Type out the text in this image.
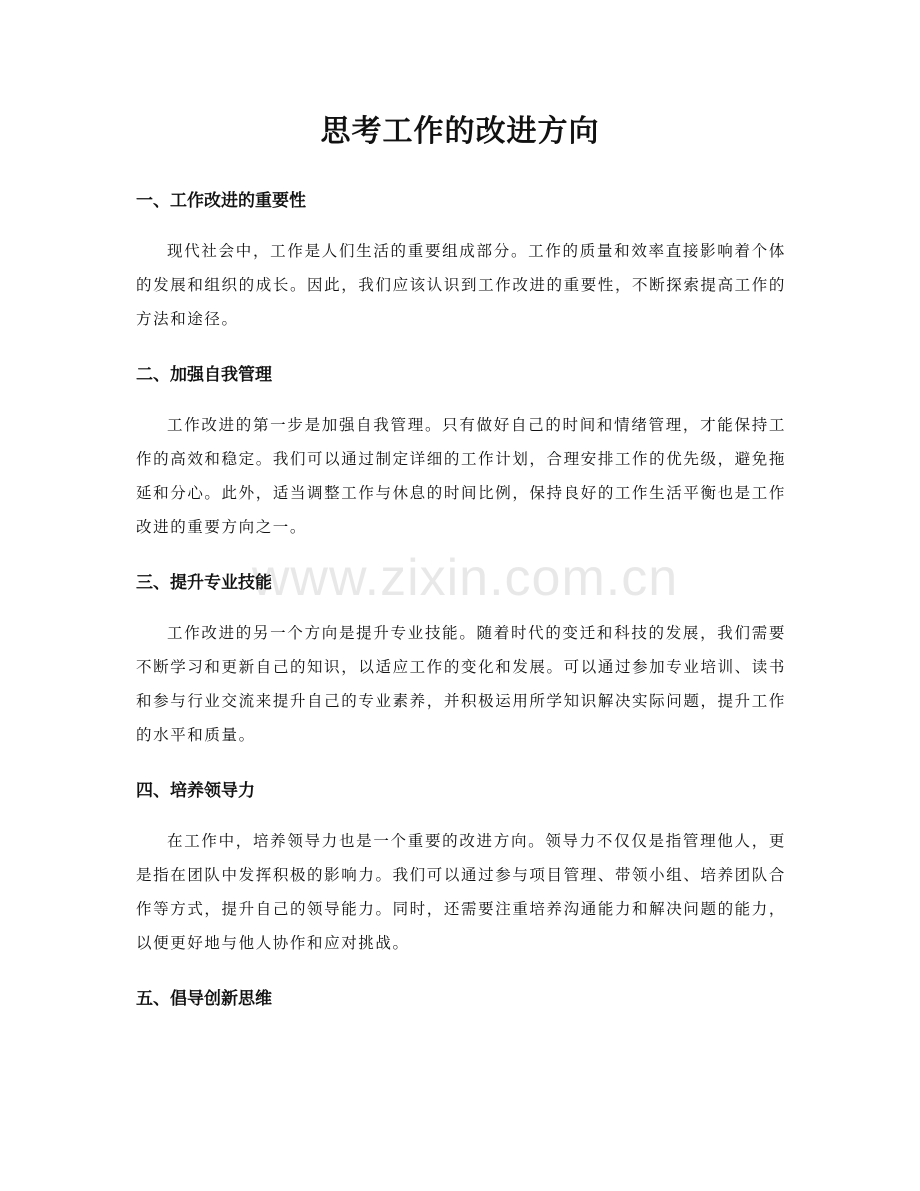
思考工作的改进方向
一、工作改进的重要性
现代社会中，工作是人们生活的重要组成部分。工作的质量和效率直接影响着个体的发展和组织的成长。因此，我们应该认识到工作改进的重要性，不断探索提高工作的方法和途径。
二、加强自我管理
工作改进的第一步是加强自我管理。只有做好自己的时间和情绪管理，才能保持工作的高效和稳定。我们可以通过制定详细的工作计划，合理安排工作的优先级，避免拖延和分心。此外，适当调整工作与休息的时间比例，保持良好的工作生活平衡也是工作改进的重要方向之一。
三、提升专业技能
工作改进的另一个方向是提升专业技能。随着时代的变迁和科技的发展，我们需要不断学习和更新自己的知识，以适应工作的变化和发展。可以通过参加专业培训、读书和参与行业交流来提升自己的专业素养，并积极运用所学知识解决实际问题，提升工作的水平和质量。
四、培养领导力
在工作中，培养领导力也是一个重要的改进方向。领导力不仅仅是指管理他人，更是指在团队中发挥积极的影响力。我们可以通过参与项目管理、带领小组、培养团队合作等方式，提升自己的领导能力。同时，还需要注重培养沟通能力和解决问题的能力，以便更好地与他人协作和应对挑战。
五、倡导创新思维
www.zixin.com.cn
